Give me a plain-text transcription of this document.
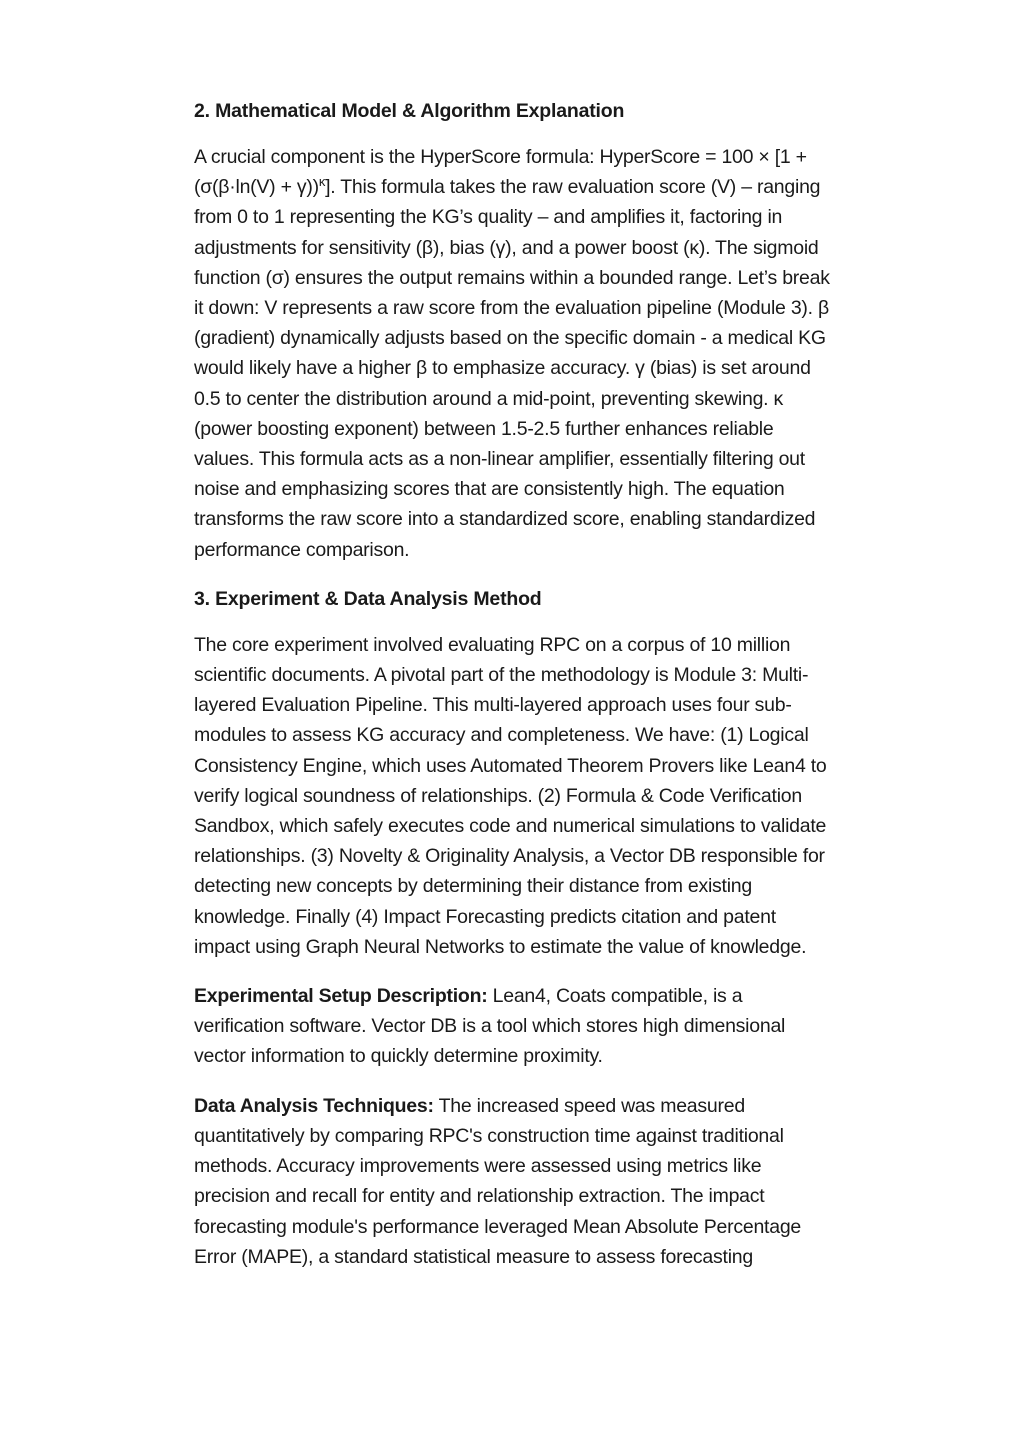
2. Mathematical Model & Algorithm Explanation

A crucial component is the HyperScore formula: HyperScore = $100 \times [1 + (\sigma(\beta\cdot\ln(V) + \gamma))^\kappa]$. This formula takes the raw evaluation score (V) – ranging from 0 to 1 representing the KG’s quality – and amplifies it, factoring in adjustments for sensitivity (β), bias (γ), and a power boost (κ). The sigmoid function (σ) ensures the output remains within a bounded range. Let’s break it down: V represents a raw score from the evaluation pipeline (Module 3). β (gradient) dynamically adjusts based on the specific domain - a medical KG would likely have a higher β to emphasize accuracy. γ (bias) is set around 0.5 to center the distribution around a mid-point, preventing skewing. κ (power boosting exponent) between 1.5-2.5 further enhances reliable values. This formula acts as a non-linear amplifier, essentially filtering out noise and emphasizing scores that are consistently high. The equation transforms the raw score into a standardized score, enabling standardized performance comparison.

3. Experiment & Data Analysis Method

The core experiment involved evaluating RPC on a corpus of 10 million scientific documents. A pivotal part of the methodology is Module 3: Multi-layered Evaluation Pipeline. This multi-layered approach uses four sub-modules to assess KG accuracy and completeness. We have: (1) Logical Consistency Engine, which uses Automated Theorem Provers like Lean4 to verify logical soundness of relationships. (2) Formula & Code Verification Sandbox, which safely executes code and numerical simulations to validate relationships. (3) Novelty & Originality Analysis, a Vector DB responsible for detecting new concepts by determining their distance from existing knowledge. Finally (4) Impact Forecasting predicts citation and patent impact using Graph Neural Networks to estimate the value of knowledge.

Experimental Setup Description: Lean4, Coats compatible, is a verification software. Vector DB is a tool which stores high dimensional vector information to quickly determine proximity.

Data Analysis Techniques: The increased speed was measured quantitatively by comparing RPC's construction time against traditional methods. Accuracy improvements were assessed using metrics like precision and recall for entity and relationship extraction. The impact forecasting module's performance leveraged Mean Absolute Percentage Error (MAPE), a standard statistical measure to assess forecasting
